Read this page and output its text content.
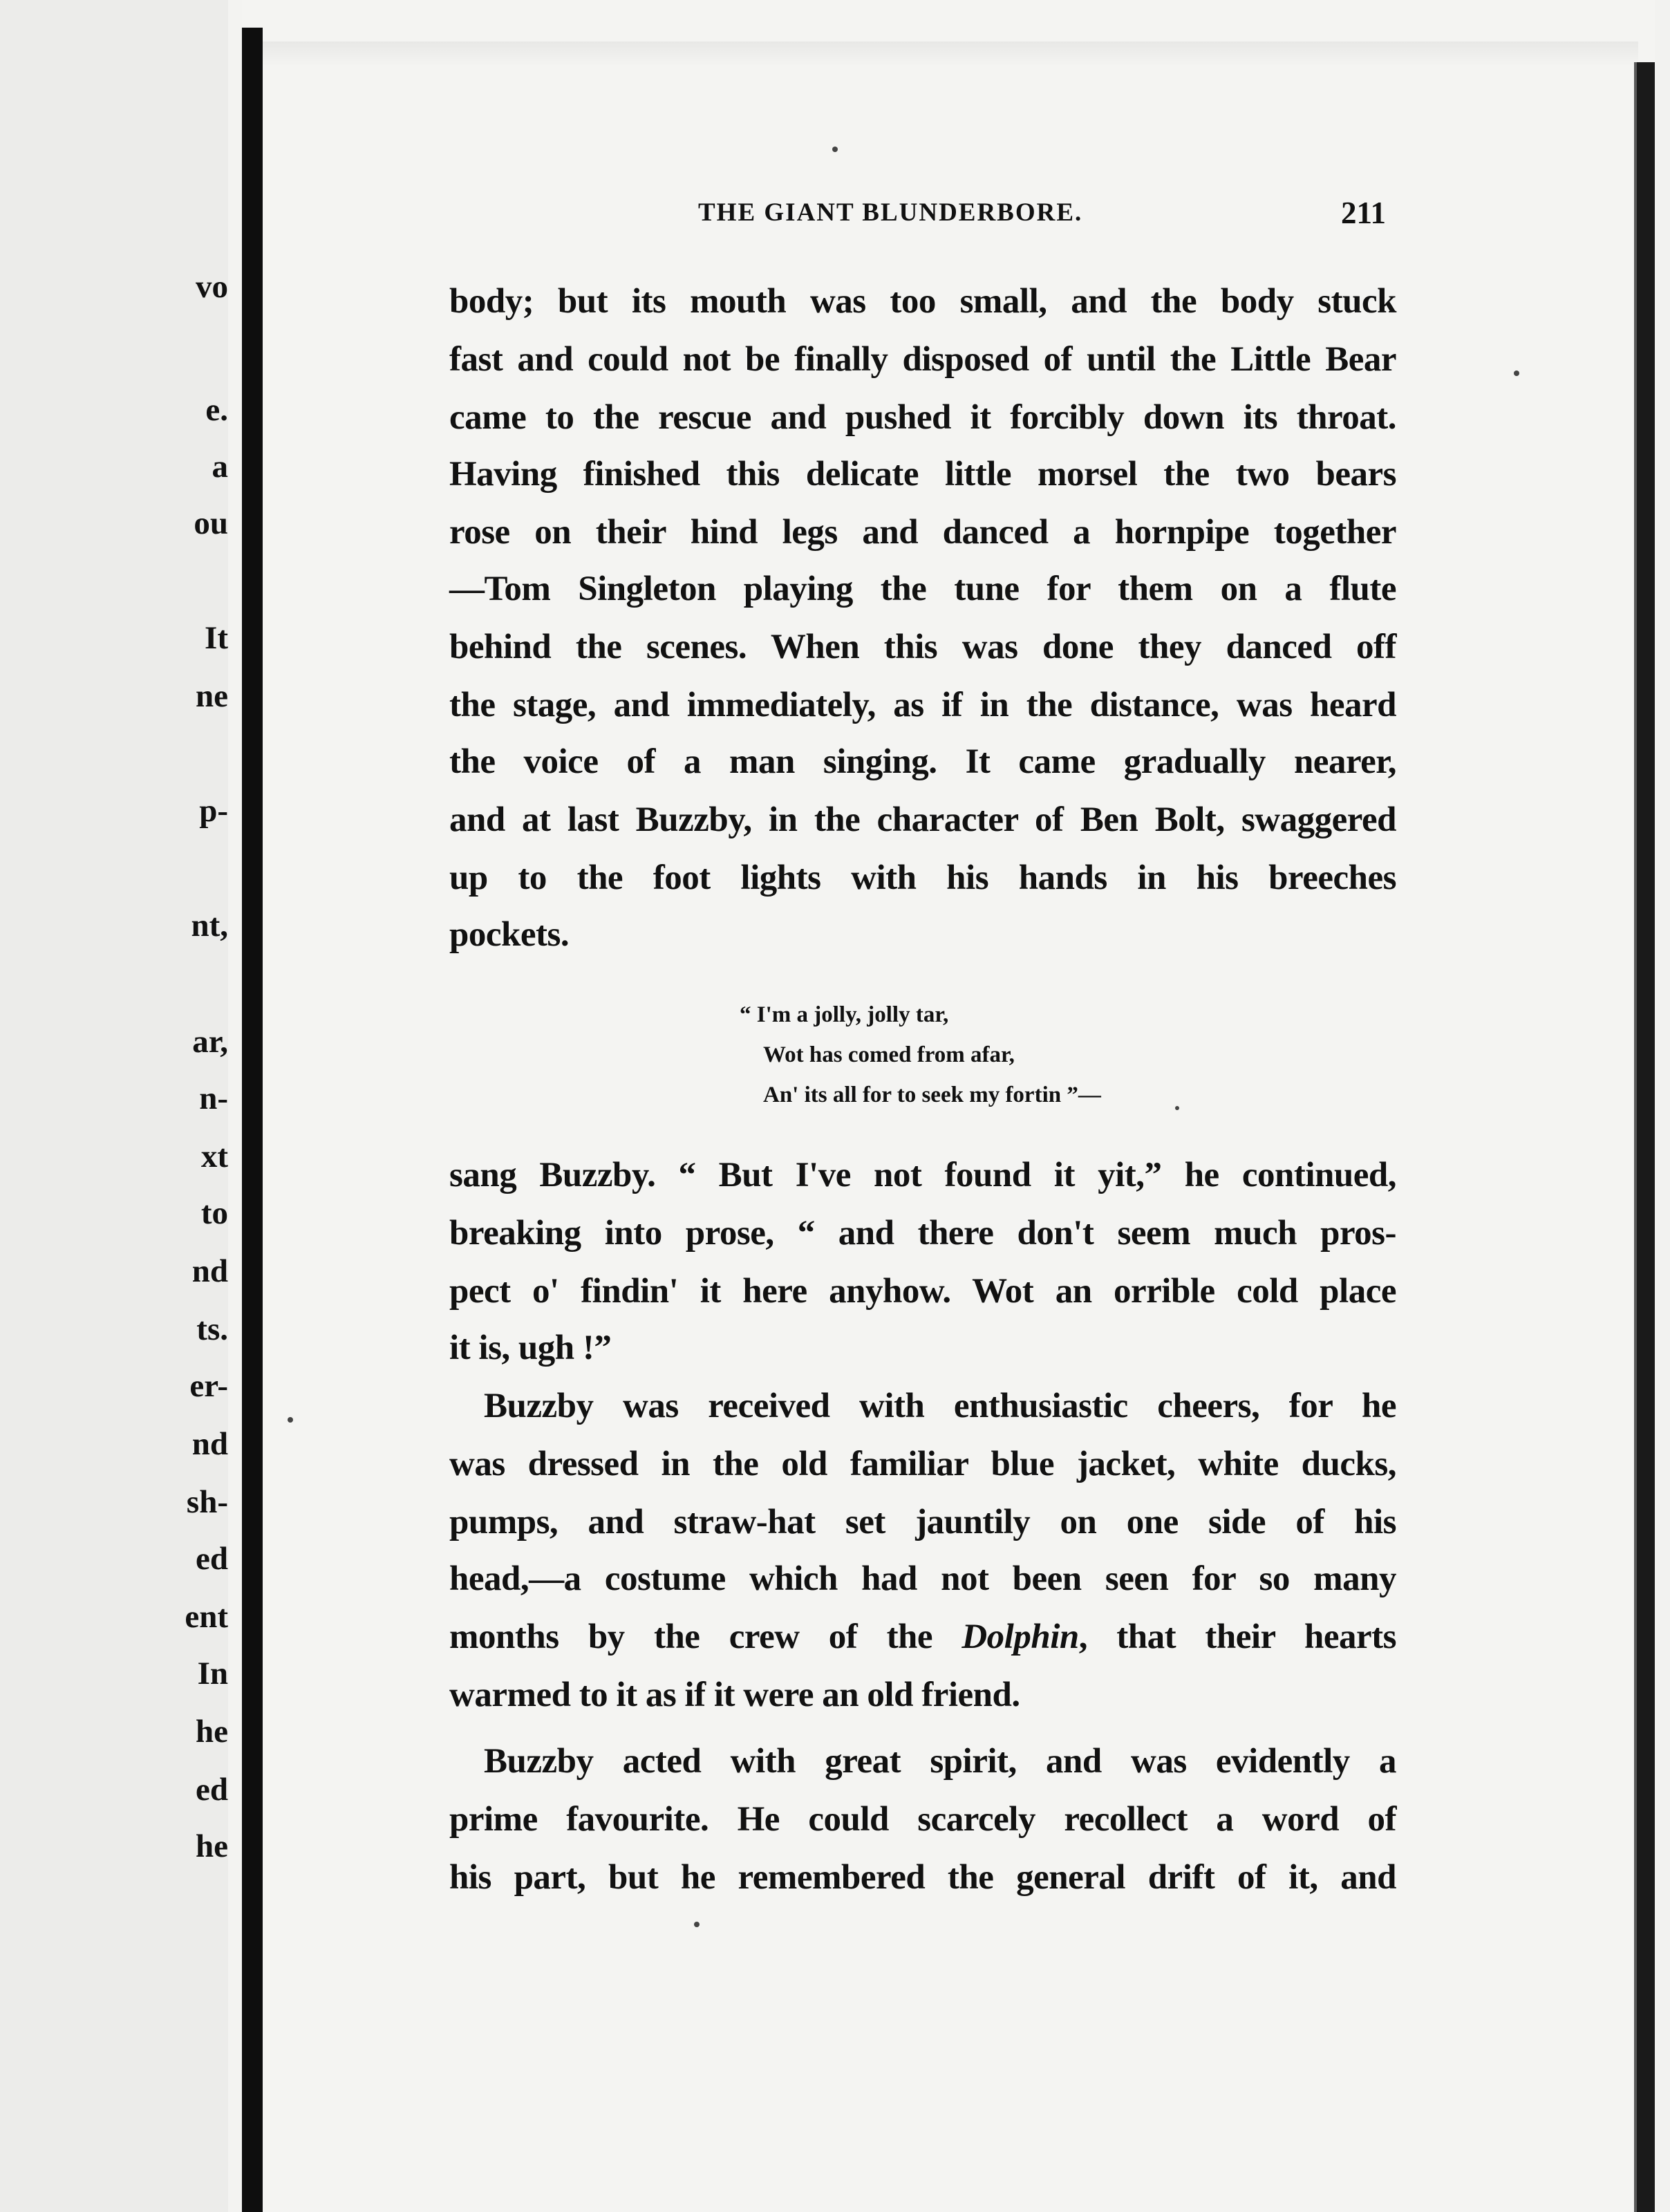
vo
e.
a
ou
It
ne
p-
nt,
ar,
n-
xt
to
nd
ts.
er-
nd
sh-
ed
ent
In
he
ed
he
THE GIANT BLUNDERBORE.	211
body; but its mouth was too small, and the body stuck
fast and could not be finally disposed of until the Little Bear
came to the rescue and pushed it forcibly down its throat.
Having finished this delicate little morsel the two bears
rose on their hind legs and danced a hornpipe together
—Tom Singleton playing the tune for them on a flute
behind the scenes. When this was done they danced off
the stage, and immediately, as if in the distance, was heard
the voice of a man singing. It came gradually nearer,
and at last Buzzby, in the character of Ben Bolt, swaggered
up to the foot lights with his hands in his breeches
pockets.
“ I'm a jolly, jolly tar,
Wot has comed from afar,
An' its all for to seek my fortin ”—
sang Buzzby. “ But I've not found it yit,” he continued,
breaking into prose, “ and there don't seem much pros-
pect o' findin' it here anyhow. Wot an orrible cold place
it is, ugh !”
Buzzby was received with enthusiastic cheers, for he
was dressed in the old familiar blue jacket, white ducks,
pumps, and straw-hat set jauntily on one side of his
head,—a costume which had not been seen for so many
months by the crew of the Dolphin, that their hearts
warmed to it as if it were an old friend.
Buzzby acted with great spirit, and was evidently a
prime favourite. He could scarcely recollect a word of
his part, but he remembered the general drift of it, and
